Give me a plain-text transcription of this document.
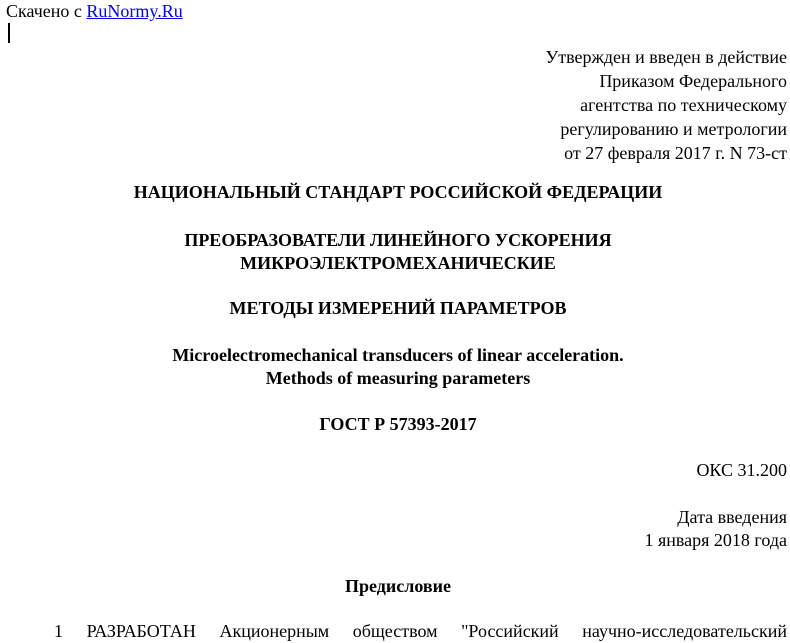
Скачено с RuNormy.Ru
Утвержден и введен в действие
Приказом Федерального
агентства по техническому
регулированию и метрологии
от 27 февраля 2017 г. N 73-ст
НАЦИОНАЛЬНЫЙ СТАНДАРТ РОССИЙСКОЙ ФЕДЕРАЦИИ
ПРЕОБРАЗОВАТЕЛИ ЛИНЕЙНОГО УСКОРЕНИЯ
МИКРОЭЛЕКТРОМЕХАНИЧЕСКИЕ
МЕТОДЫ ИЗМЕРЕНИЙ ПАРАМЕТРОВ
Microelectromechanical transducers of linear acceleration.
Methods of measuring parameters
ГОСТ Р 57393-2017
ОКС 31.200
Дата введения
1 января 2018 года
Предисловие
1 РАЗРАБОТАН Акционерным обществом "Российский научно-исследовательский
